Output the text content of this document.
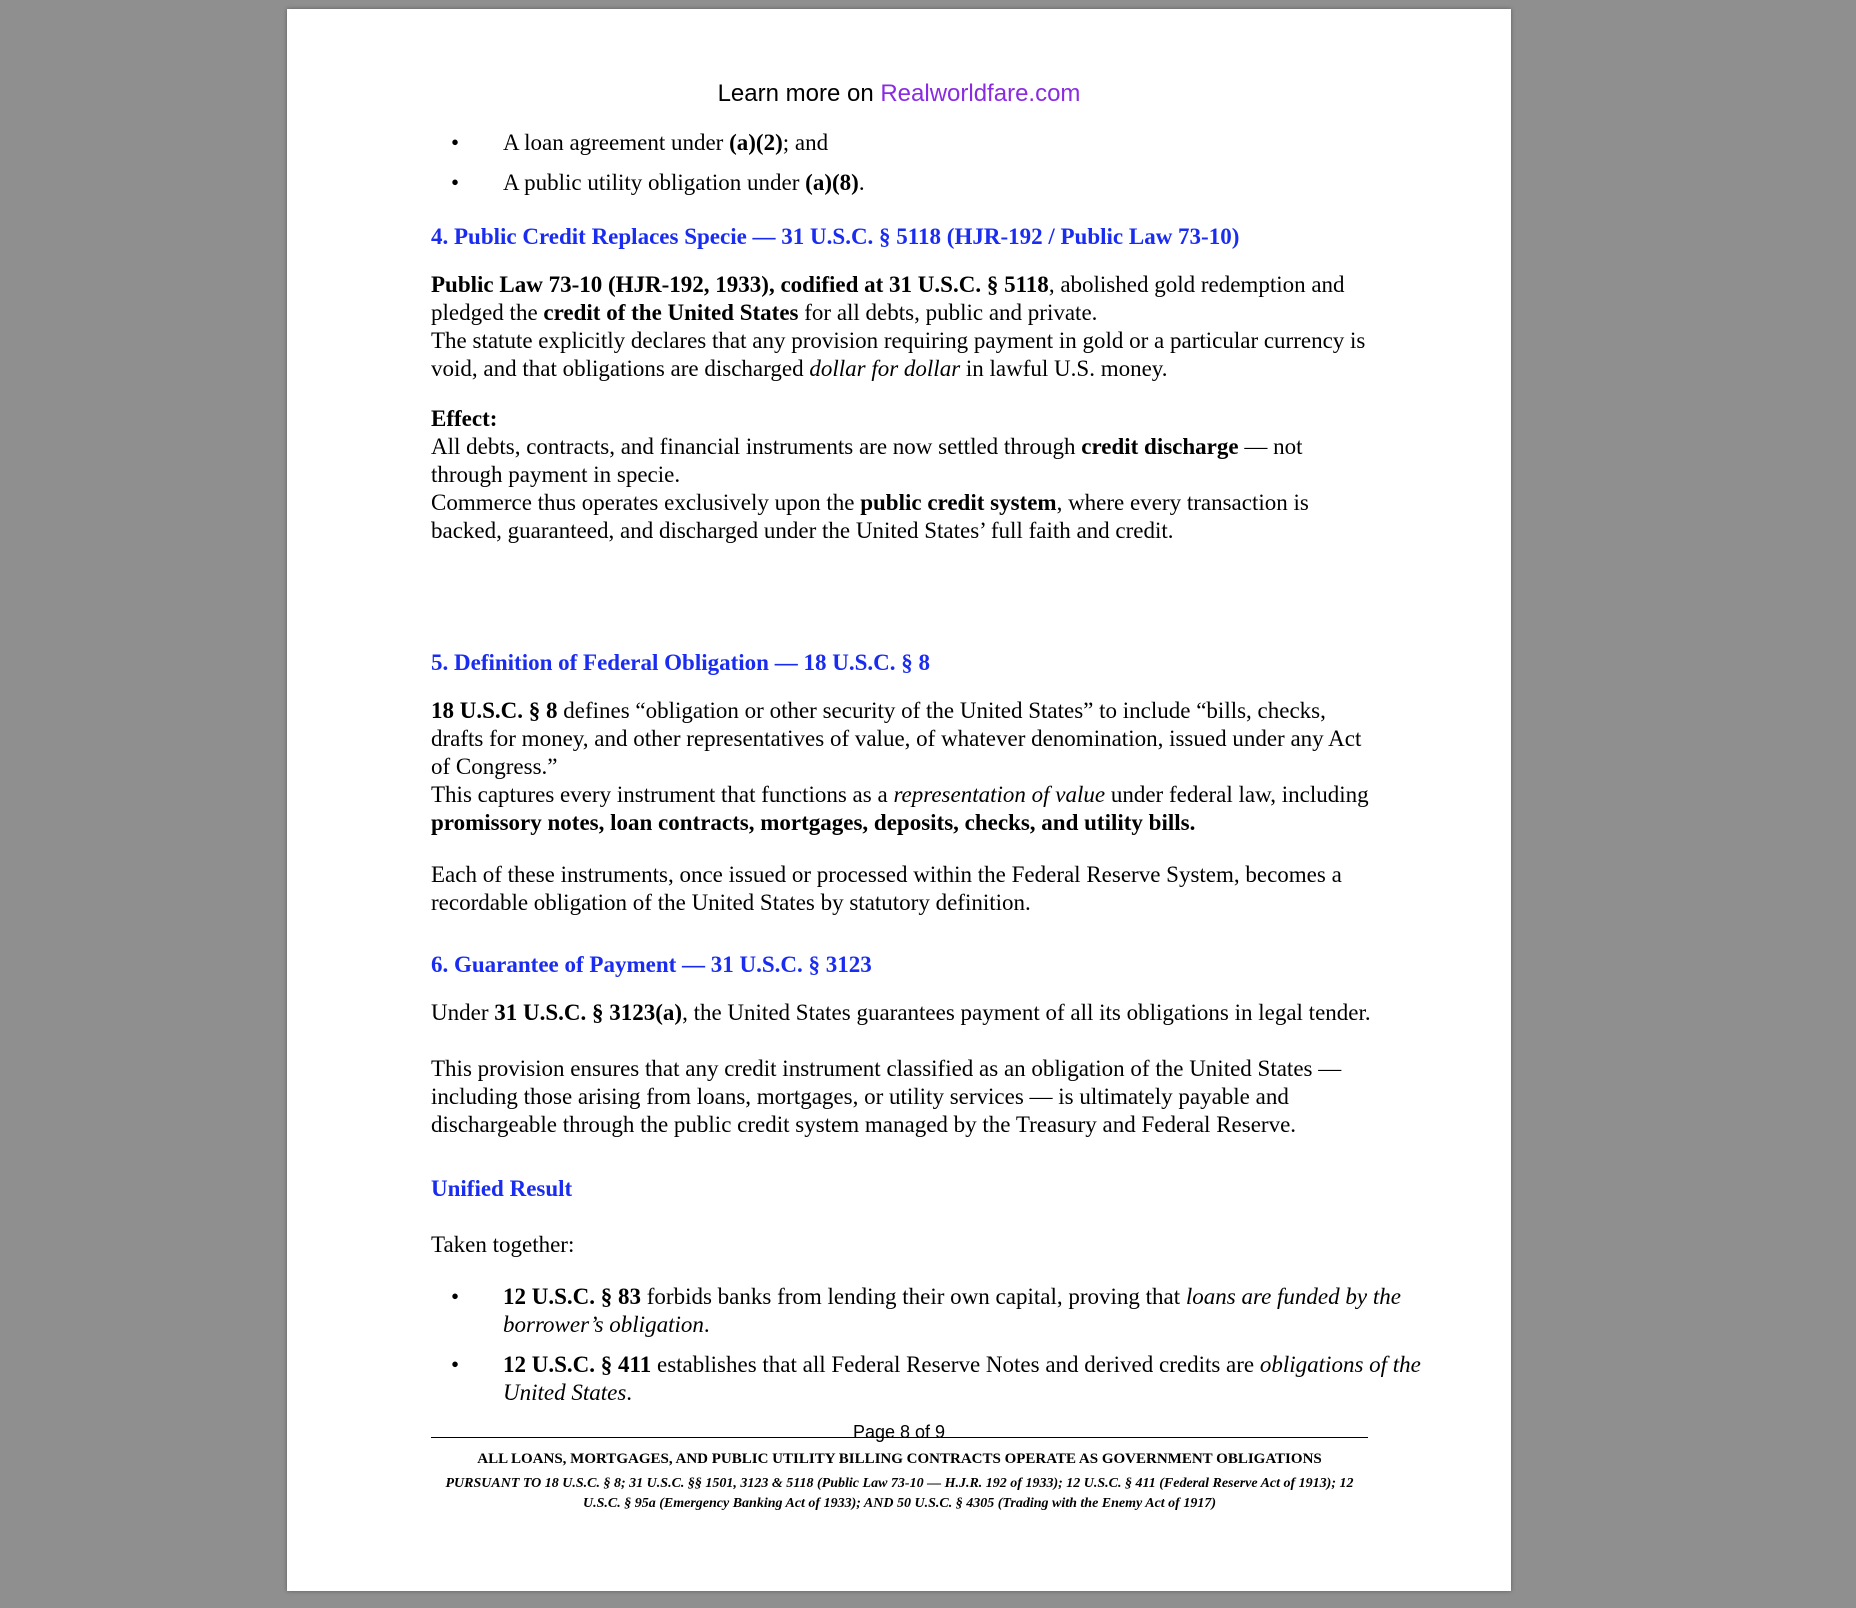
Learn more on Realworldfare.com
• A loan agreement under (a)(2); and
• A public utility obligation under (a)(8).
4. Public Credit Replaces Specie — 31 U.S.C. § 5118 (HJR-192 / Public Law 73-10)

Public Law 73-10 (HJR-192, 1933), codified at 31 U.S.C. § 5118, abolished gold redemption and pledged the credit of the United States for all debts, public and private.

The statute explicitly declares that any provision requiring payment in gold or a particular currency is void, and that obligations are discharged dollar for dollar in lawful U.S. money.

Effect:

All debts, contracts, and financial instruments are now settled through credit discharge — not through payment in specie.

Commerce thus operates exclusively upon the public credit system, where every transaction is backed, guaranteed, and discharged under the United States’ full faith and credit.

5. Definition of Federal Obligation — 18 U.S.C. § 8

18 U.S.C. § 8 defines “obligation or other security of the United States” to include “bills, checks, drafts for money, and other representatives of value, of whatever denomination, issued under any Act of Congress.”

This captures every instrument that functions as a representation of value under federal law, including promissory notes, loan contracts, mortgages, deposits, checks, and utility bills.

Each of these instruments, once issued or processed within the Federal Reserve System, becomes a recordable obligation of the United States by statutory definition.

6. Guarantee of Payment — 31 U.S.C. § 3123

Under 31 U.S.C. § 3123(a), the United States guarantees payment of all its obligations in legal tender.

This provision ensures that any credit instrument classified as an obligation of the United States — including those arising from loans, mortgages, or utility services — is ultimately payable and dischargeable through the public credit system managed by the Treasury and Federal Reserve.

Unified Result

Taken together:

• 12 U.S.C. § 83 forbids banks from lending their own capital, proving that loans are funded by the borrower’s obligation.
• 12 U.S.C. § 411 establishes that all Federal Reserve Notes and derived credits are obligations of the United States.
Page 8 of 9
ALL LOANS, MORTGAGES, AND PUBLIC UTILITY BILLING CONTRACTS OPERATE AS GOVERNMENT OBLIGATIONS
PURSUANT TO 18 U.S.C. § 8; 31 U.S.C. §§ 1501, 3123 & 5118 (Public Law 73-10 — H.J.R. 192 of 1933); 12 U.S.C. § 411 (Federal Reserve Act of 1913); 12 U.S.C. § 95a (Emergency Banking Act of 1933); AND 50 U.S.C. § 4305 (Trading with the Enemy Act of 1917)
